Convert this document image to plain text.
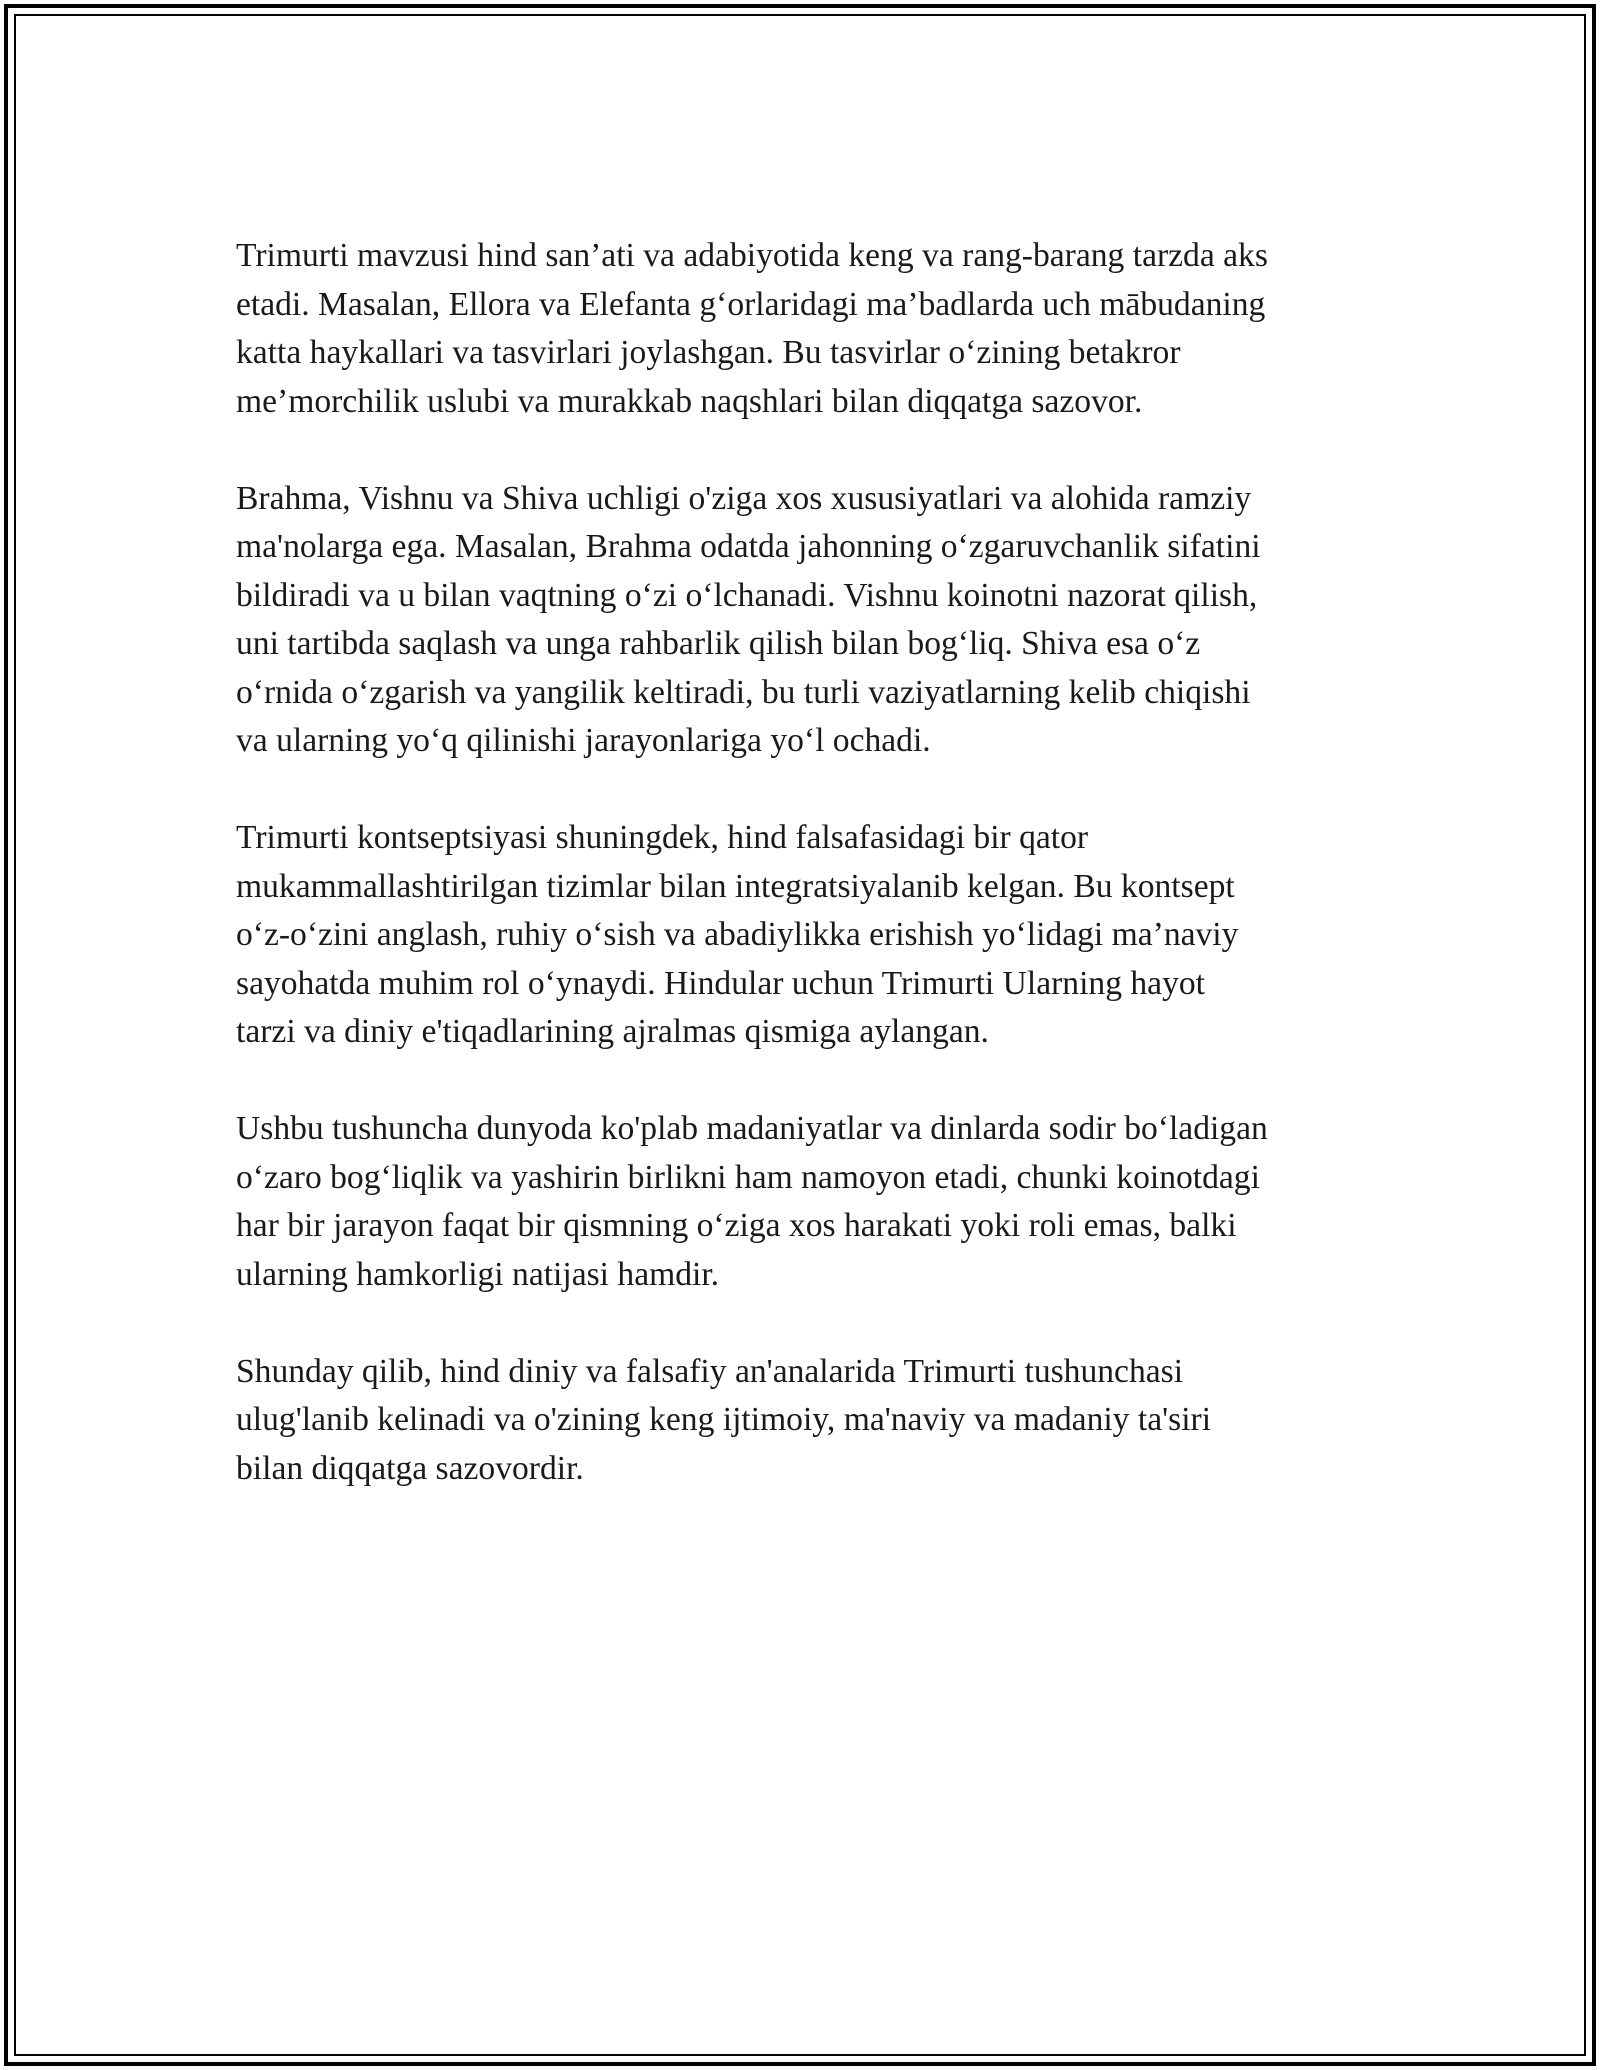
Trimurti mavzusi hind san’ati va adabiyotida keng va rang-barang tarzda aks
etadi. Masalan, Ellora va Elefanta g‘orlaridagi ma’badlarda uch mābudaning
katta haykallari va tasvirlari joylashgan. Bu tasvirlar o‘zining betakror
me’morchilik uslubi va murakkab naqshlari bilan diqqatga sazovor.

Brahma, Vishnu va Shiva uchligi o'ziga xos xususiyatlari va alohida ramziy
ma'nolarga ega. Masalan, Brahma odatda jahonning o‘zgaruvchanlik sifatini
bildiradi va u bilan vaqtning o‘zi o‘lchanadi. Vishnu koinotni nazorat qilish,
uni tartibda saqlash va unga rahbarlik qilish bilan bog‘liq. Shiva esa o‘z
o‘rnida o‘zgarish va yangilik keltiradi, bu turli vaziyatlarning kelib chiqishi
va ularning yo‘q qilinishi jarayonlariga yo‘l ochadi.

Trimurti kontseptsiyasi shuningdek, hind falsafasidagi bir qator
mukammallashtirilgan tizimlar bilan integratsiyalanib kelgan. Bu kontsept
o‘z-o‘zini anglash, ruhiy o‘sish va abadiylikka erishish yo‘lidagi ma’naviy
sayohatda muhim rol o‘ynaydi. Hindular uchun Trimurti Ularning hayot
tarzi va diniy e'tiqadlarining ajralmas qismiga aylangan.

Ushbu tushuncha dunyoda ko'plab madaniyatlar va dinlarda sodir bo‘ladigan
o‘zaro bog‘liqlik va yashirin birlikni ham namoyon etadi, chunki koinotdagi
har bir jarayon faqat bir qismning o‘ziga xos harakati yoki roli emas, balki
ularning hamkorligi natijasi hamdir.

Shunday qilib, hind diniy va falsafiy an'analarida Trimurti tushunchasi
ulug'lanib kelinadi va o'zining keng ijtimoiy, ma'naviy va madaniy ta'siri
bilan diqqatga sazovordir.
